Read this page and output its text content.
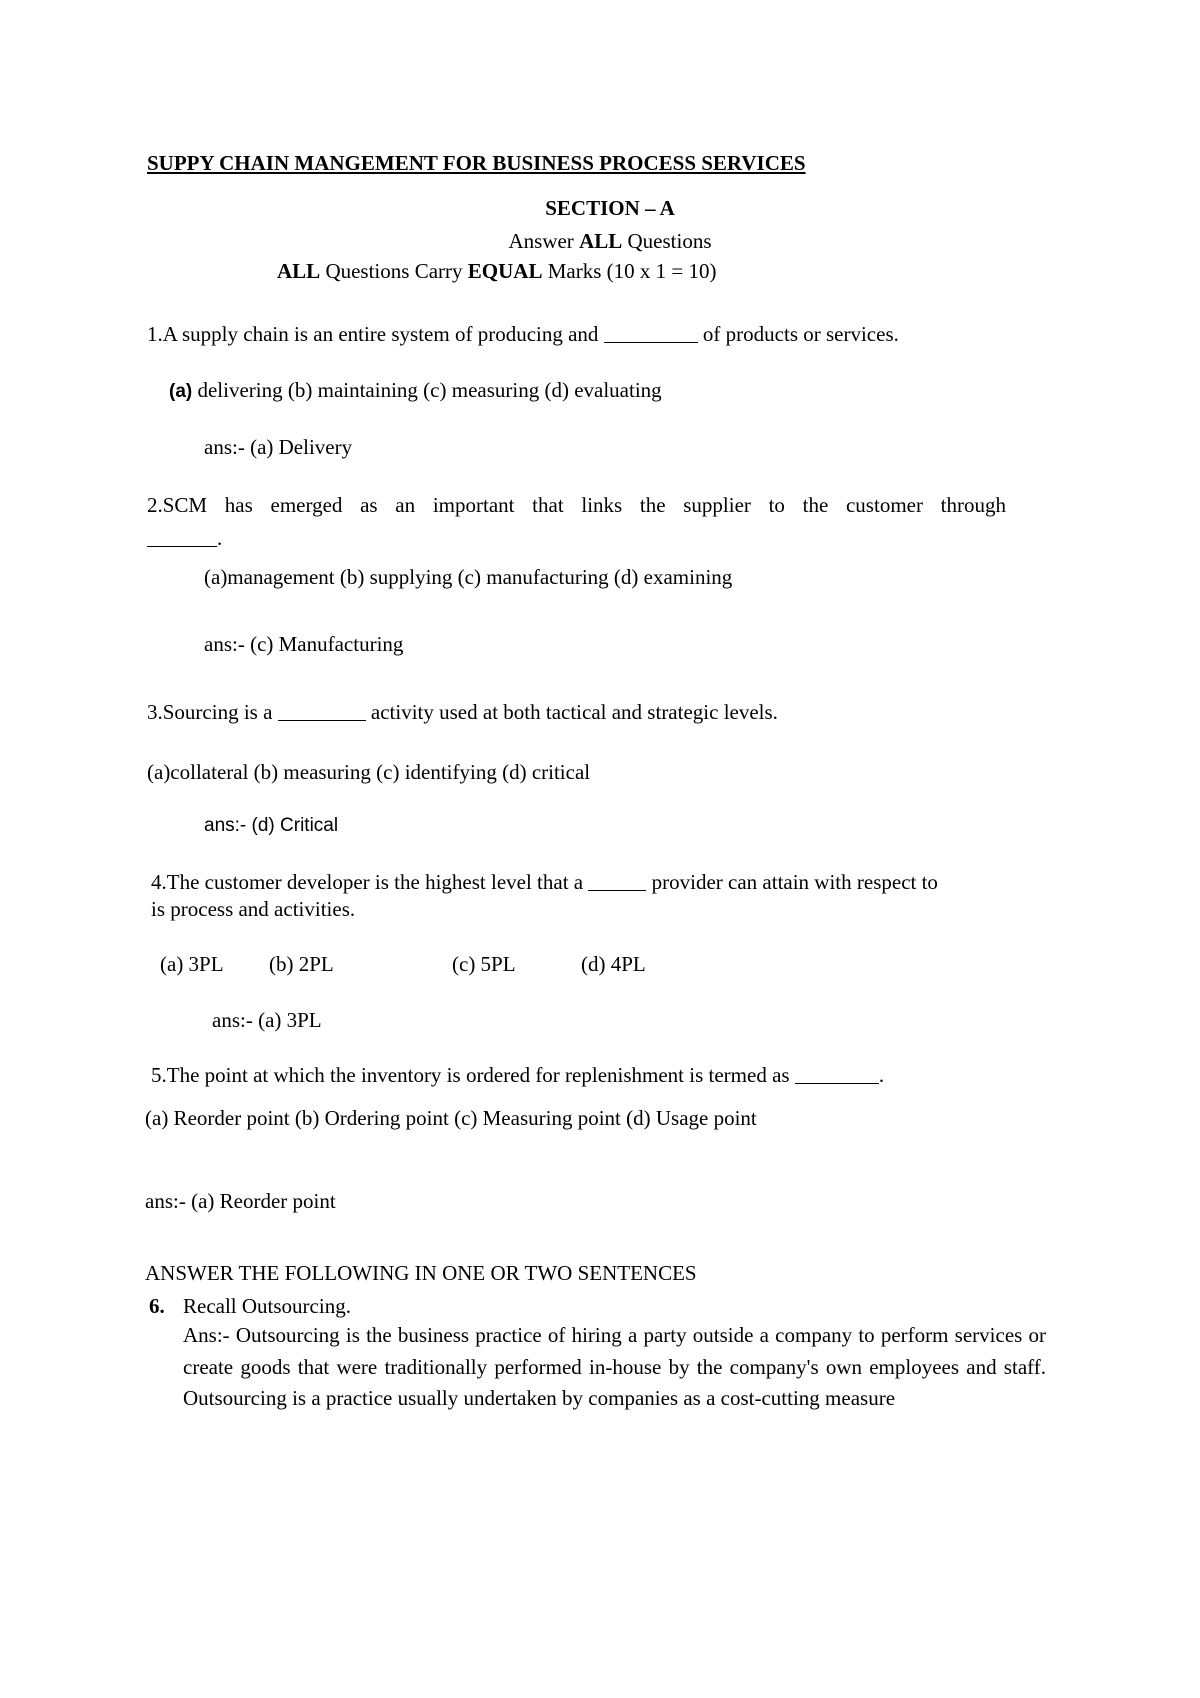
SUPPY CHAIN MANGEMENT FOR BUSINESS PROCESS SERVICES
SECTION – A
Answer ALL Questions
ALL Questions Carry EQUAL Marks (10 x 1 = 10)
1.A supply chain is an entire system of producing and	of products or services.
(a) delivering (b) maintaining (c) measuring (d) evaluating
ans:- (a) Delivery
2.SCM has emerged as an important that links the supplier to the customer through
.
(a)management (b) supplying (c) manufacturing (d) examining
ans:- (c) Manufacturing
3.Sourcing is a	activity used at both tactical and strategic levels.
(a)collateral (b) measuring (c) identifying (d) critical
ans:- (d) Critical
4.The customer developer is the highest level that a	provider can attain with respect to
is process and activities.
(a) 3PL (b) 2PL	(c) 5PL	(d) 4PL
ans:- (a) 3PL
5.The point at which the inventory is ordered for replenishment is termed as	.
(a) Reorder point (b) Ordering point (c) Measuring point (d) Usage point
ans:- (a) Reorder point
ANSWER THE FOLLOWING IN ONE OR TWO SENTENCES
6. Recall Outsourcing.
Ans:- Outsourcing is the business practice of hiring a party outside a company to perform services or create goods that were traditionally performed in-house by the company's own employees and staff. Outsourcing is a practice usually undertaken by companies as a cost-cutting measure
